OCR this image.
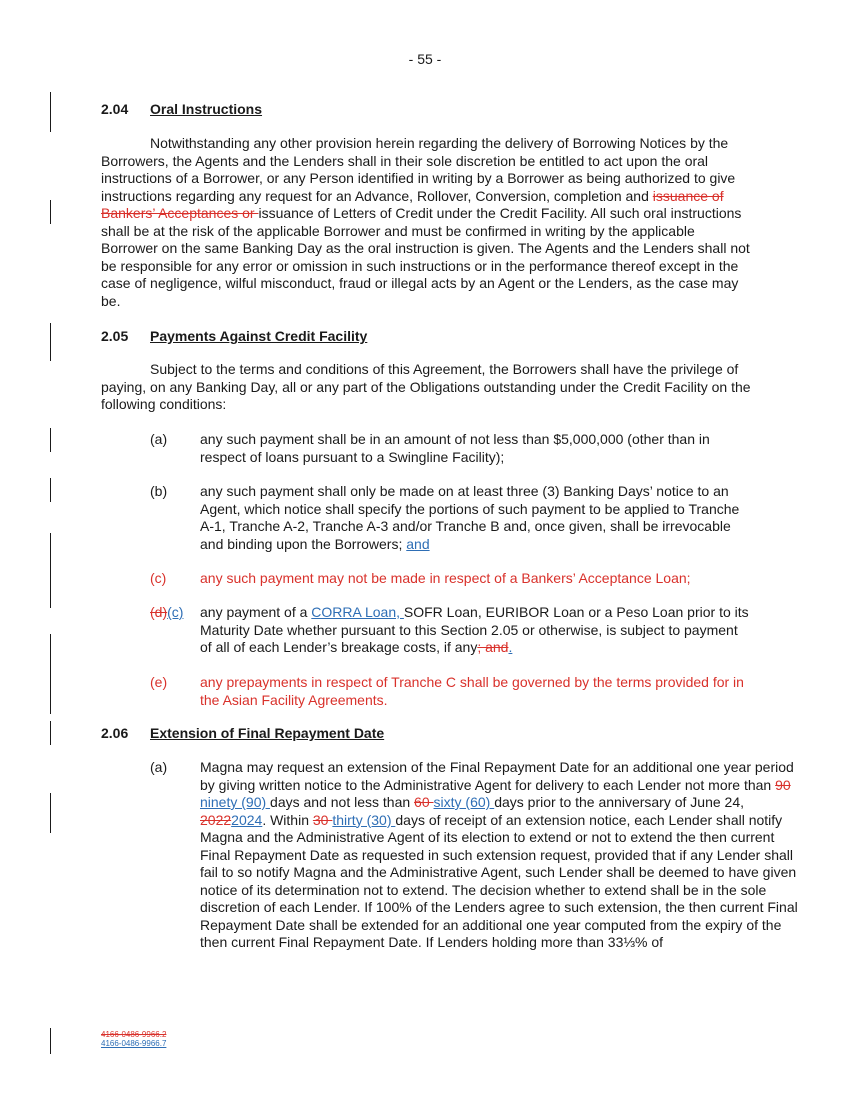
- 55 -
2.04 Oral Instructions

Notwithstanding any other provision herein regarding the delivery of Borrowing Notices by the Borrowers, the Agents and the Lenders shall in their sole discretion be entitled to act upon the oral instructions of a Borrower, or any Person identified in writing by a Borrower as being authorized to give instructions regarding any request for an Advance, Rollover, Conversion, completion and issuance of Bankers’ Acceptances or issuance of Letters of Credit under the Credit Facility. All such oral instructions shall be at the risk of the applicable Borrower and must be confirmed in writing by the applicable Borrower on the same Banking Day as the oral instruction is given. The Agents and the Lenders shall not be responsible for any error or omission in such instructions or in the performance thereof except in the case of negligence, wilful misconduct, fraud or illegal acts by an Agent or the Lenders, as the case may be.

2.05 Payments Against Credit Facility

Subject to the terms and conditions of this Agreement, the Borrowers shall have the privilege of paying, on any Banking Day, all or any part of the Obligations outstanding under the Credit Facility on the following conditions:

(a) any such payment shall be in an amount of not less than $5,000,000 (other than in respect of loans pursuant to a Swingline Facility);
(b) any such payment shall only be made on at least three (3) Banking Days’ notice to an Agent, which notice shall specify the portions of such payment to be applied to Tranche A-1, Tranche A-2, Tranche A-3 and/or Tranche B and, once given, shall be irrevocable and binding upon the Borrowers; and
(c) any such payment may not be made in respect of a Bankers’ Acceptance Loan;
(d)(c) any payment of a CORRA Loan, SOFR Loan, EURIBOR Loan or a Peso Loan prior to its Maturity Date whether pursuant to this Section 2.05 or otherwise, is subject to payment of all of each Lender’s breakage costs, if any; and.
(e) any prepayments in respect of Tranche C shall be governed by the terms provided for in the Asian Facility Agreements.
2.06 Extension of Final Repayment Date
(a) Magna may request an extension of the Final Repayment Date for an additional one year period by giving written notice to the Administrative Agent for delivery to each Lender not more than 90 ninety (90) days and not less than 60 sixty (60) days prior to the anniversary of June 24, 20222024. Within 30 thirty (30) days of receipt of an extension notice, each Lender shall notify Magna and the Administrative Agent of its election to extend or not to extend the then current Final Repayment Date as requested in such extension request, provided that if any Lender shall fail to so notify Magna and the Administrative Agent, such Lender shall be deemed to have given notice of its determination not to extend. The decision whether to extend shall be in the sole discretion of each Lender. If 100% of the Lenders agree to such extension, the then current Final Repayment Date shall be extended for an additional one year computed from the expiry of the then current Final Repayment Date. If Lenders holding more than 33⅓% of
4166-0486-9966.2
4166-0486-9966.7
